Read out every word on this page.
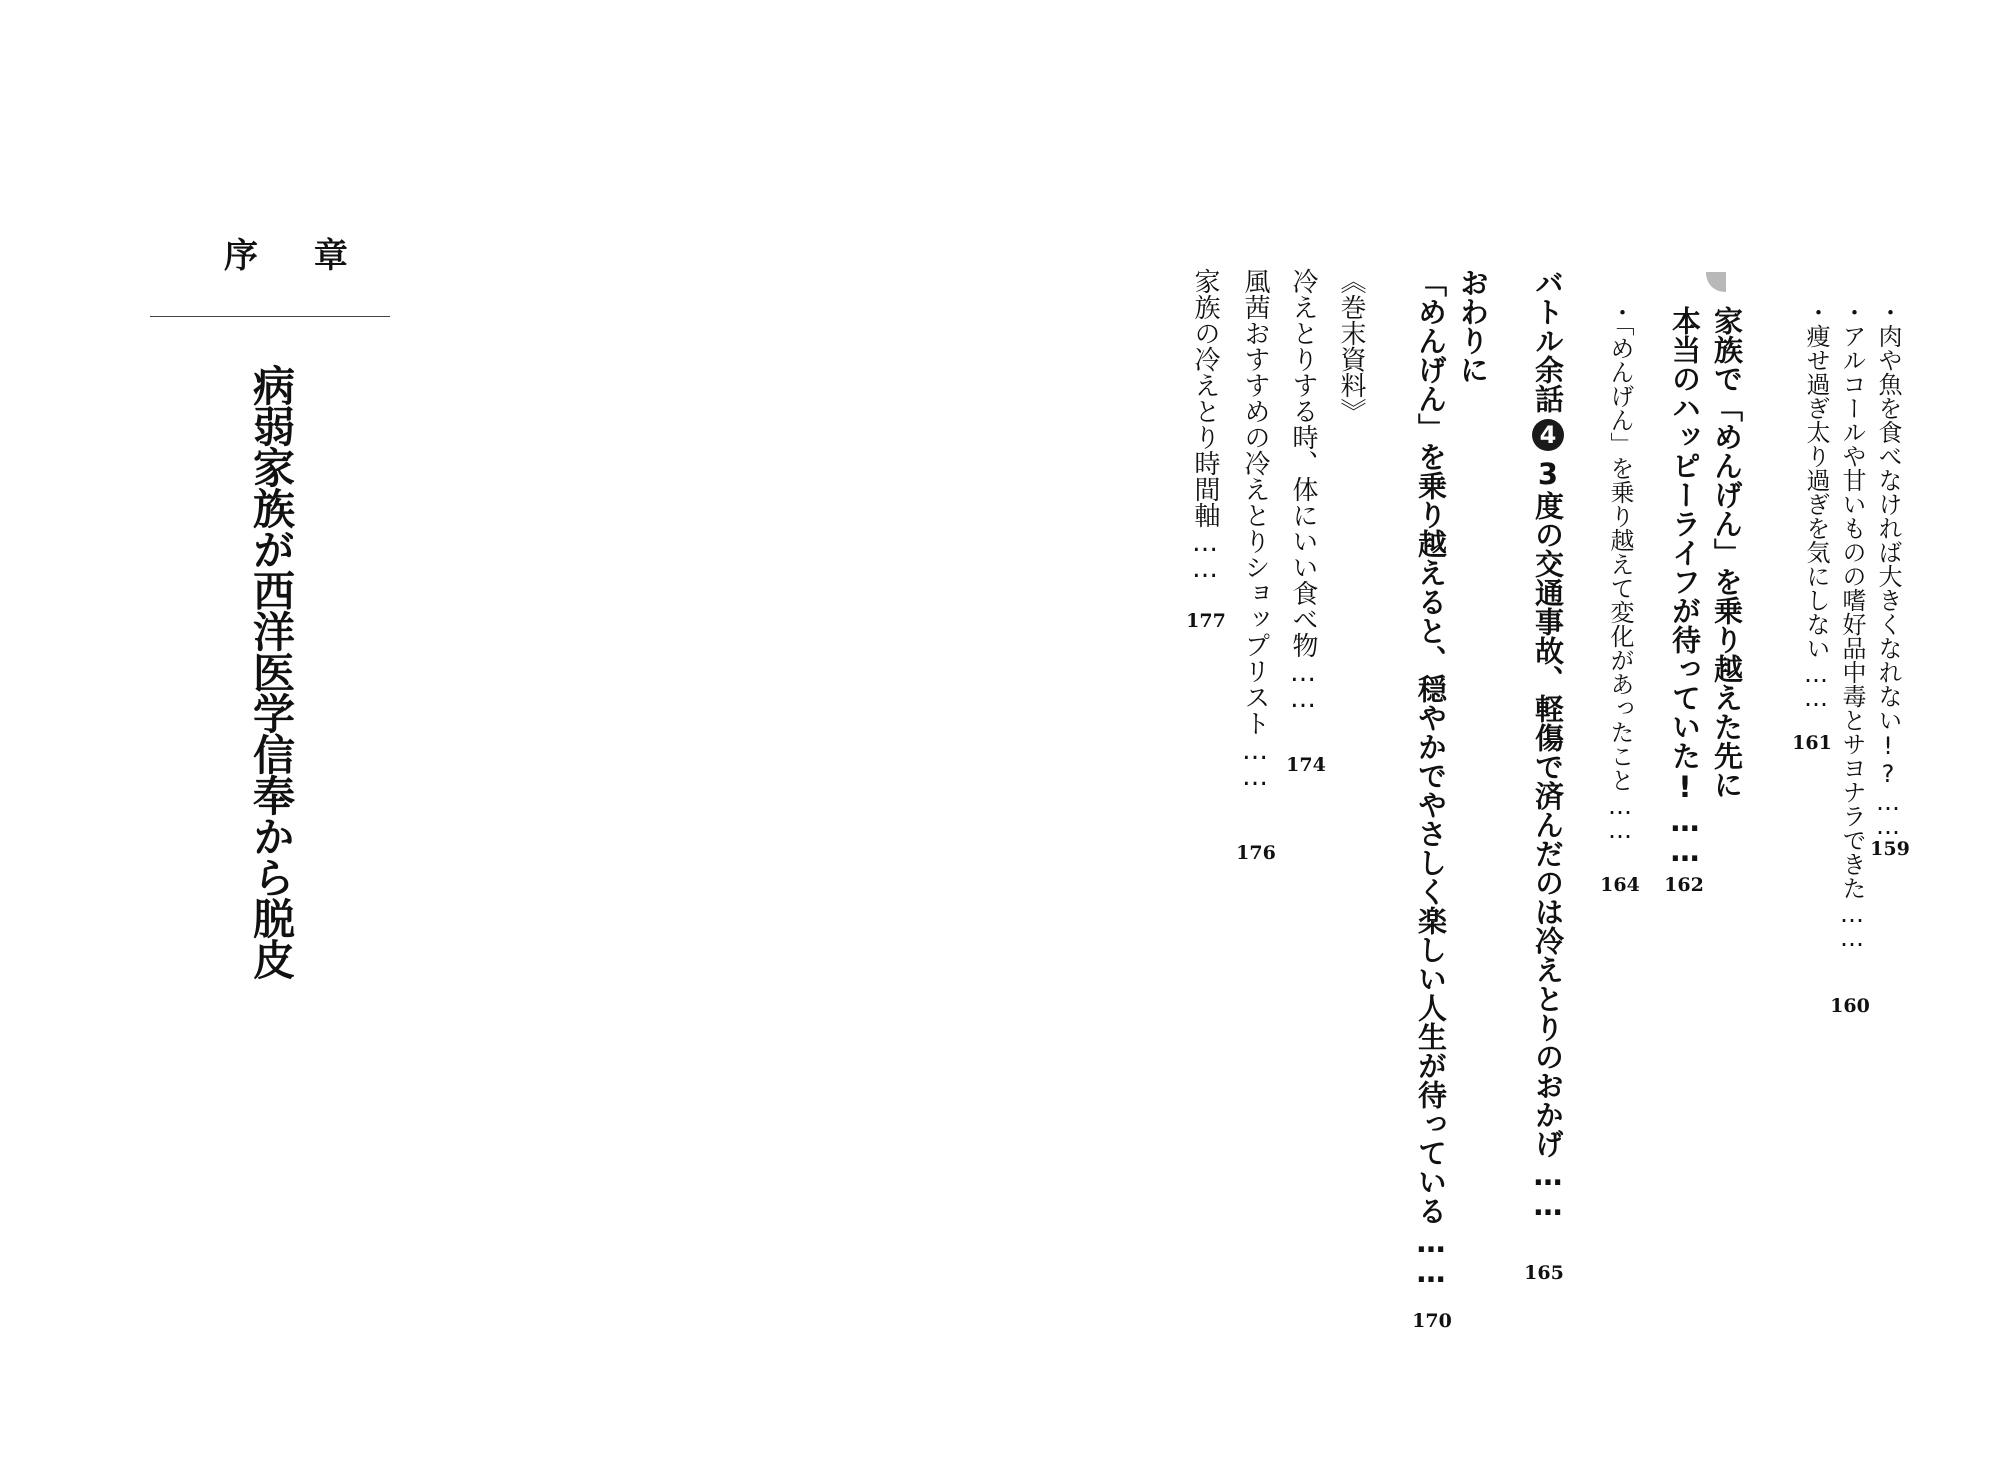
序 章
病弱家族が西洋医学信奉から脱皮	・肉や魚を食べなければ大きくなれない!?……
159
・アルコールや甘いものの嗜好品中毒とサヨナラできた……
160
・痩せ過ぎ太り過ぎを気にしない……
161
家族で「めんげん」を乗り越えた先に
本当のハッピーライフが待っていた!……
162
・「めんげん」を乗り越えて変化があったこと……
164
バトル余話43度の交通事故、軽傷で済んだのは冷えとりのおかげ……
165
おわりに
「めんげん」を乗り越えると、穏やかでやさしく楽しい人生が待っている……
170
《巻末資料》
冷えとりする時、体にいい食べ物……
174
風茜おすすめの冷えとりショップリスト……
176
家族の冷えとり時間軸……
177
